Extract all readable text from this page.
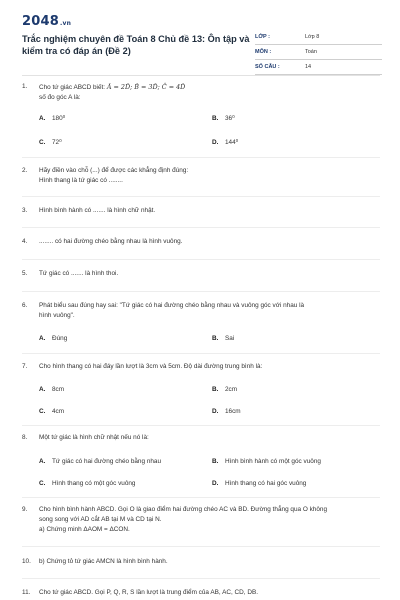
2048.vn
Trắc nghiệm chuyên đề Toán 8 Chủ đề 13: Ôn tập và kiểm tra có đáp án (Đề 2)
LỚP :	Lớp 8
MÔN :	Toán
SỐ CÂU :	14
1. Cho tứ giác ABCD biết: Â = 2D̂; B̂ = 3D̂; Ĉ = 4D̂
số đo góc A là:
A. 180⁰	B. 36⁰
C. 72⁰	D. 144⁰
2. Hãy điền vào chỗ (...) để được các khẳng định đúng:
Hình thang là tứ giác có ........
3. Hình bình hành có ....... là hình chữ nhật.
4. ........ có hai đường chéo bằng nhau là hình vuông.
5. Tứ giác có ....... là hình thoi.
6. Phát biểu sau đúng hay sai: "Tứ giác có hai đường chéo bằng nhau và vuông góc với nhau là
hình vuông".
A. Đúng	B. Sai
7. Cho hình thang có hai đáy lần lượt là 3cm và 5cm. Độ dài đường trung bình là:
A. 8cm	B. 2cm
C. 4cm	D. 16cm
8. Một tứ giác là hình chữ nhật nếu nó là:
A. Tứ giác có hai đường chéo bằng nhau	B. Hình bình hành có một góc vuông
C. Hình thang có một góc vuông	D. Hình thang có hai góc vuông
9. Cho hình bình hành ABCD. Gọi O là giao điểm hai đường chéo AC và BD. Đường thẳng qua O không
song song với AD cắt AB tại M và CD tại N.
a) Chứng minh ΔAOM = ΔCON.
10. b) Chứng tỏ tứ giác AMCN là hình bình hành.
11. Cho tứ giác ABCD. Gọi P, Q, R, S lần lượt là trung điểm của AB, AC, CD, DB.
